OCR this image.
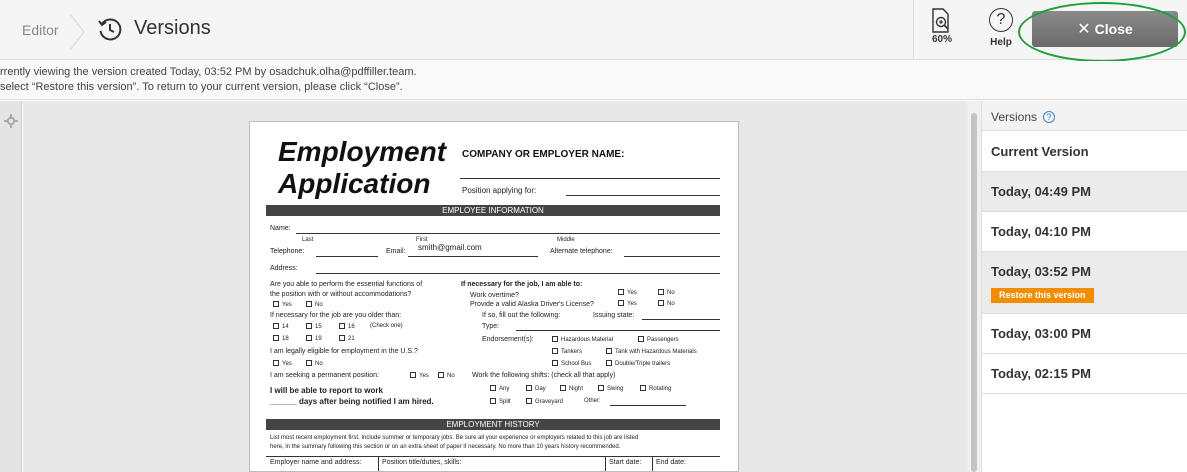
Editor	Versions
60%
?
Help
✕ Close
rrently viewing the version created Today, 03:52 PM by osadchuk.olha@pdffiller.team.
select “Restore this version”. To return to your current version, please click “Close”.
Employment
Application
COMPANY OR EMPLOYER NAME:
Position applying for:
EMPLOYEE INFORMATION
Name:
Last	First	Middle
Telephone:	Email: smith@gmail.com	Alternate telephone:
Address:
Are you able to perform the essential functions of
the position with or without accommodations?
Yes	No
If necessary for the job are you older than:
14	15	16	(Check one)
18	19	21
I am legally eligible for employment in the U.S.?
Yes	No
I am seeking a permanent position:	Yes	No
I will be able to report to work
______ days after being notified I am hired.
If necessary for the job, I am able to:
Work overtime?	Yes	No
Provide a valid Alaska Driver's License?	Yes	No
If so, fill out the following:	Issuing state:
Type:
Endorsement(s):	Hazardous Material	Passengers
Tankers	Tank with Hazardous Materials
School Bus	Double/Triple trailers
Work the following shifts: (check all that apply)
Any	Day	Night	Swing	Rotating
Split	Graveyard	Other:
EMPLOYMENT HISTORY
List most recent employment first. Include summer or temporary jobs. Be sure all your experience or employers related to this job are listed
here, in the summary following this section or on an extra sheet of paper if necessary. No more than 10 years history recommended.
Employer name and address:	Position title/duties, skills:	Start date: End date:
Versions ?
Current Version
Today, 04:49 PM
Today, 04:10 PM
Today, 03:52 PM
Restore this version
Today, 03:00 PM
Today, 02:15 PM
